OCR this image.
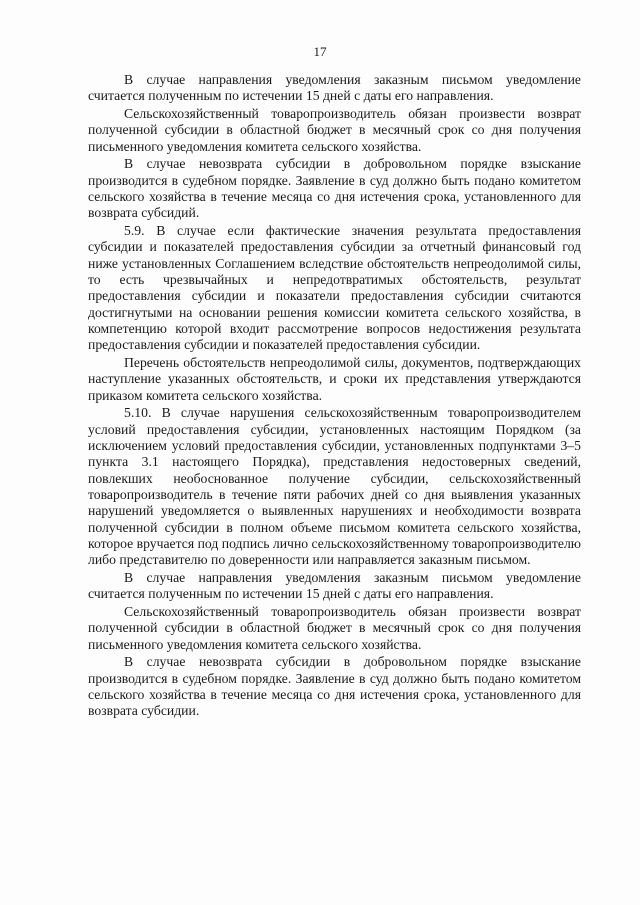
17

В случае направления уведомления заказным письмом уведомление считается полученным по истечении 15 дней с даты его направления.

Сельскохозяйственный товаропроизводитель обязан произвести возврат полученной субсидии в областной бюджет в месячный срок со дня получения письменного уведомления комитета сельского хозяйства.

В случае невозврата субсидии в добровольном порядке взыскание производится в судебном порядке. Заявление в суд должно быть подано комитетом сельского хозяйства в течение месяца со дня истечения срока, установленного для возврата субсидий.

5.9. В случае если фактические значения результата предоставления субсидии и показателей предоставления субсидии за отчетный финансовый год ниже установленных Соглашением вследствие обстоятельств непреодолимой силы, то есть чрезвычайных и непредотвратимых обстоятельств, результат предоставления субсидии и показатели предоставления субсидии считаются достигнутыми на основании решения комиссии комитета сельского хозяйства, в компетенцию которой входит рассмотрение вопросов недостижения результата предоставления субсидии и показателей предоставления субсидии.

Перечень обстоятельств непреодолимой силы, документов, подтверждающих наступление указанных обстоятельств, и сроки их представления утверждаются приказом комитета сельского хозяйства.

5.10. В случае нарушения сельскохозяйственным товаропроизводителем условий предоставления субсидии, установленных настоящим Порядком (за исключением условий предоставления субсидии, установленных подпунктами 3–5 пункта 3.1 настоящего Порядка), представления недостоверных сведений, повлекших необоснованное получение субсидии, сельскохозяйственный товаропроизводитель в течение пяти рабочих дней со дня выявления указанных нарушений уведомляется о выявленных нарушениях и необходимости возврата полученной субсидии в полном объеме письмом комитета сельского хозяйства, которое вручается под подпись лично сельскохозяйственному товаропроизводителю либо представителю по доверенности или направляется заказным письмом.

В случае направления уведомления заказным письмом уведомление считается полученным по истечении 15 дней с даты его направления.

Сельскохозяйственный товаропроизводитель обязан произвести возврат полученной субсидии в областной бюджет в месячный срок со дня получения письменного уведомления комитета сельского хозяйства.

В случае невозврата субсидии в добровольном порядке взыскание производится в судебном порядке. Заявление в суд должно быть подано комитетом сельского хозяйства в течение месяца со дня истечения срока, установленного для возврата субсидии.
